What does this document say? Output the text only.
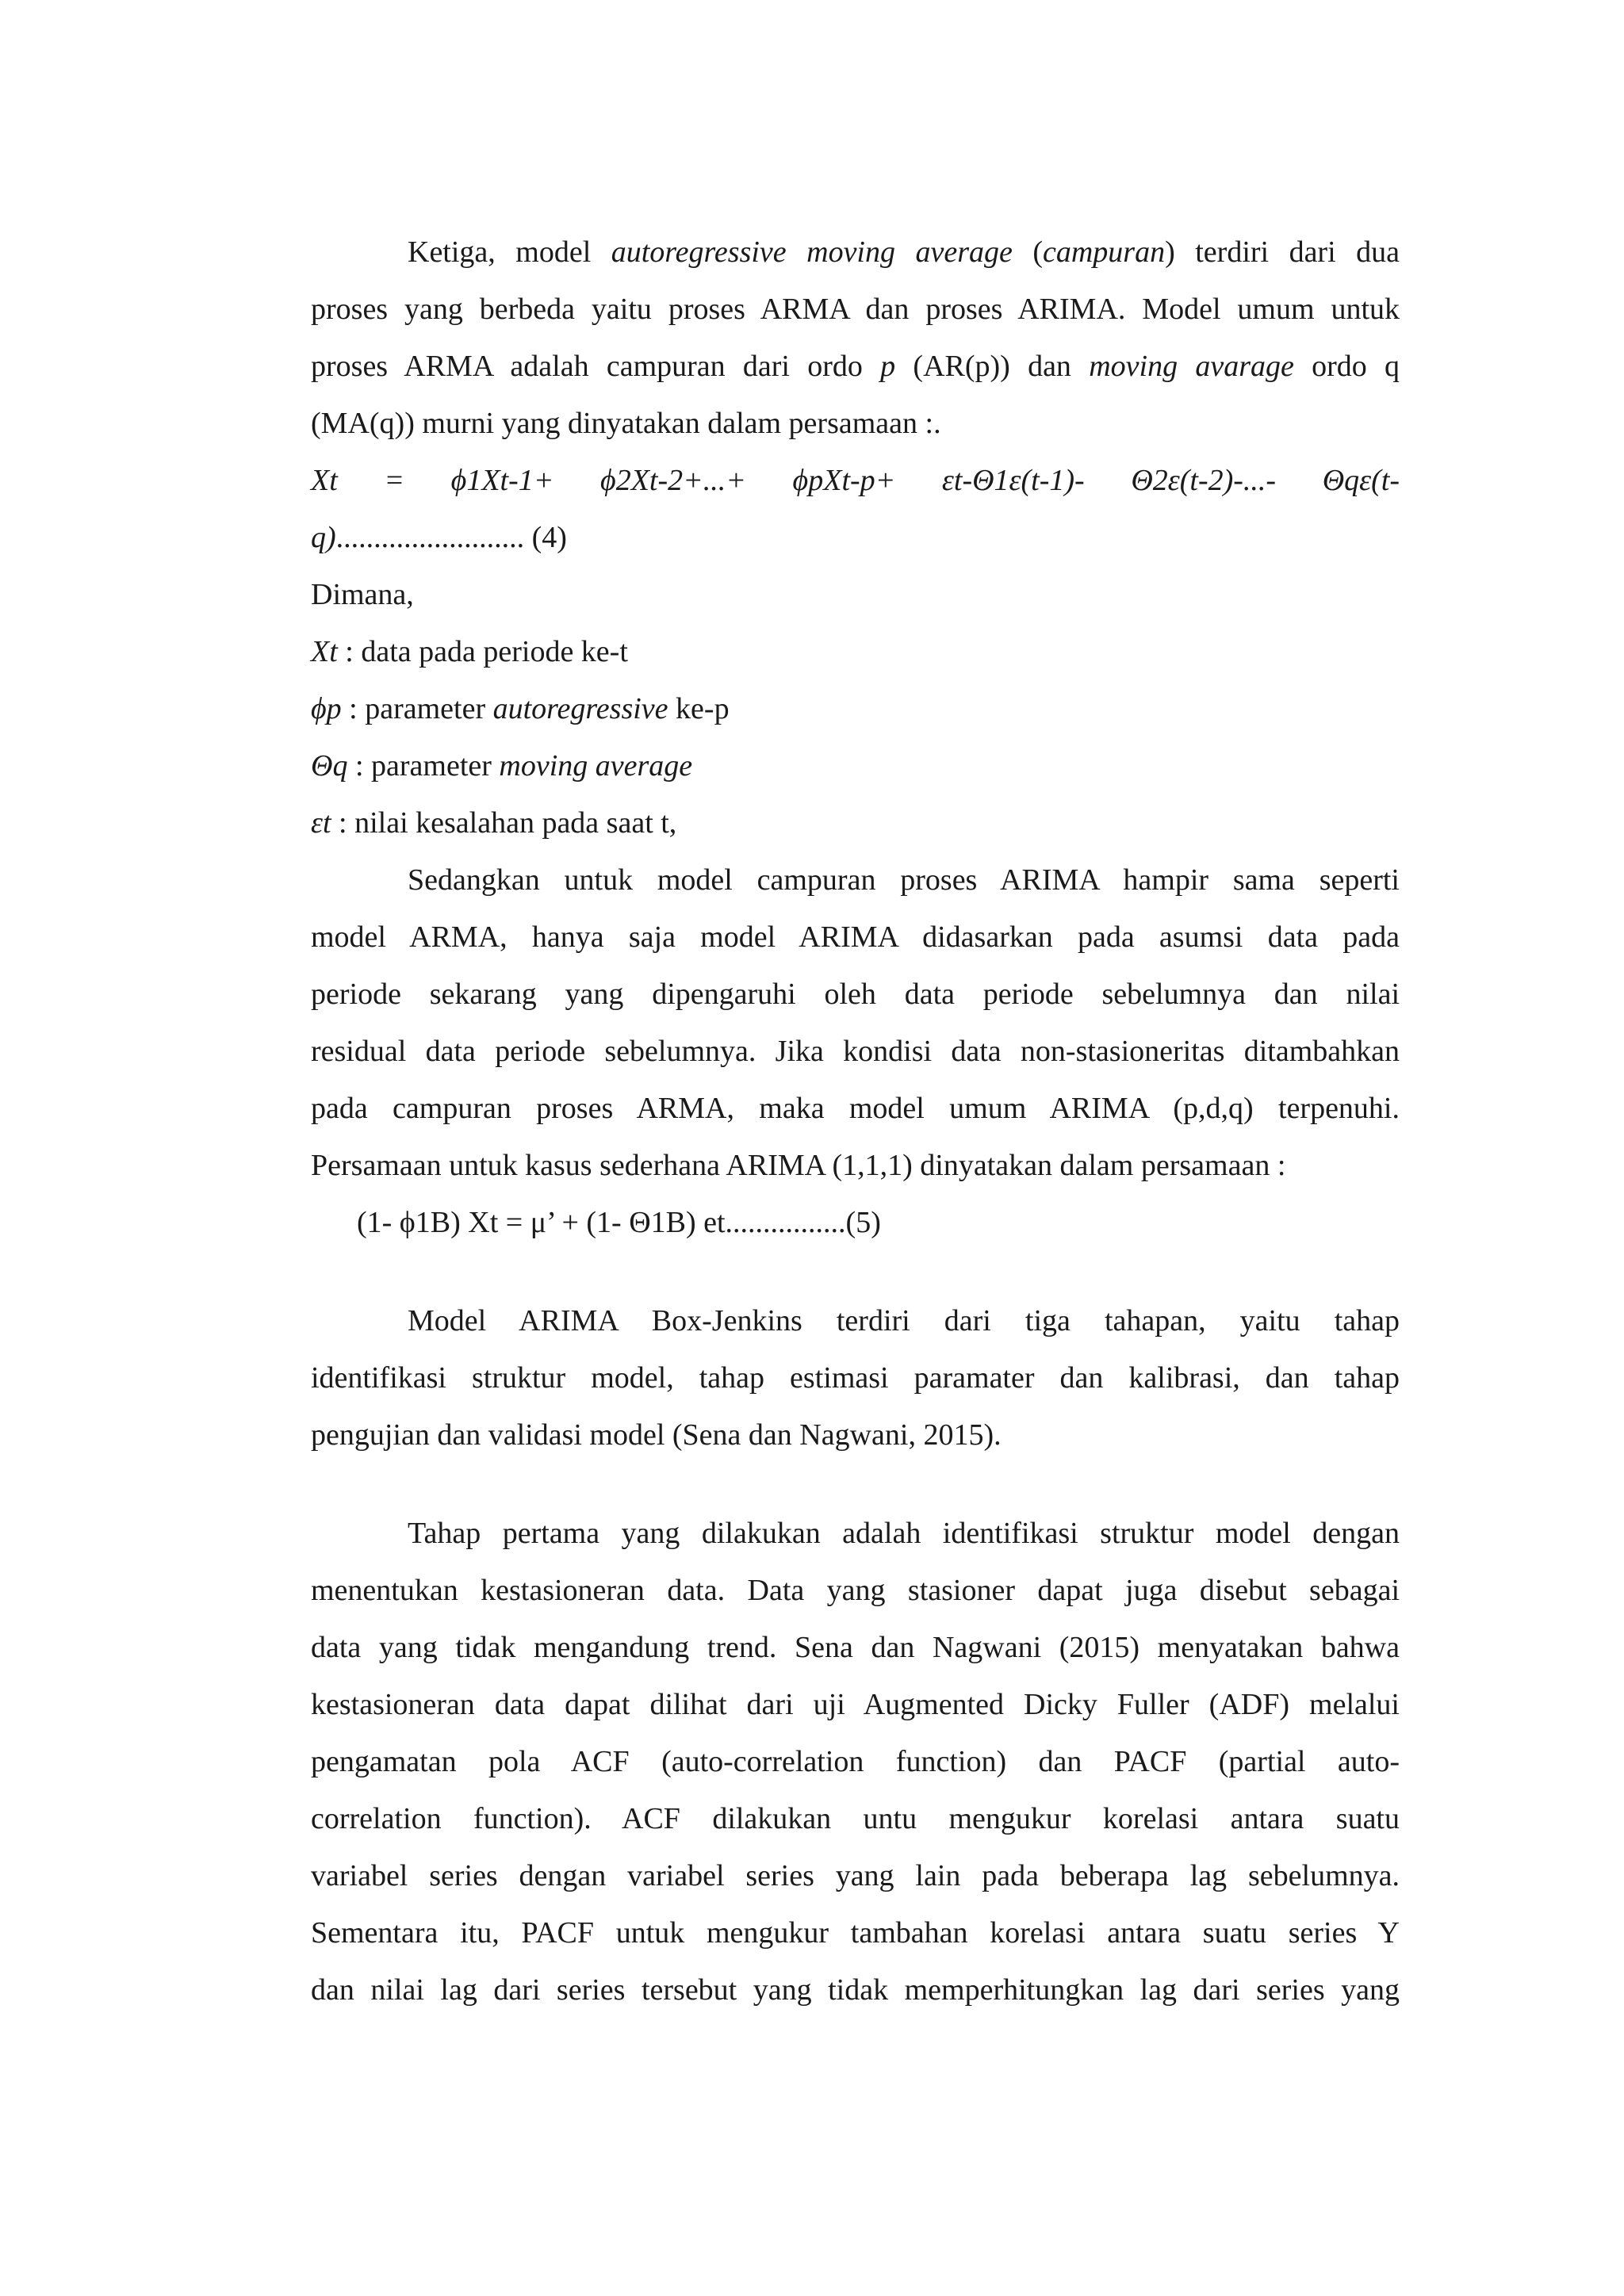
Ketiga, model autoregressive moving average (campuran) terdiri dari dua
proses yang berbeda yaitu proses ARMA dan proses ARIMA. Model umum untuk
proses ARMA adalah campuran dari ordo p (AR(p)) dan moving avarage ordo q
(MA(q)) murni yang dinyatakan dalam persamaan :.
Xt = ϕ1Xt-1+ ϕ2Xt-2+...+ ϕpXt-p+ εt-Θ1ε(t-1)- Θ2ε(t-2)-...- Θqε(t-
q)......................... (4)
Dimana,
Xt : data pada periode ke-t
ϕp : parameter autoregressive ke-p
Θq : parameter moving average
εt : nilai kesalahan pada saat t,
Sedangkan untuk model campuran proses ARIMA hampir sama seperti
model ARMA, hanya saja model ARIMA didasarkan pada asumsi data pada
periode sekarang yang dipengaruhi oleh data periode sebelumnya dan nilai
residual data periode sebelumnya. Jika kondisi data non-stasioneritas ditambahkan
pada campuran proses ARMA, maka model umum ARIMA (p,d,q) terpenuhi.
Persamaan untuk kasus sederhana ARIMA (1,1,1) dinyatakan dalam persamaan :
(1- ϕ1B) Xt = μ’ + (1- Θ1B) et................(5)
Model ARIMA Box-Jenkins terdiri dari tiga tahapan, yaitu tahap
identifikasi struktur model, tahap estimasi paramater dan kalibrasi, dan tahap
pengujian dan validasi model (Sena dan Nagwani, 2015).
Tahap pertama yang dilakukan adalah identifikasi struktur model dengan
menentukan kestasioneran data. Data yang stasioner dapat juga disebut sebagai
data yang tidak mengandung trend. Sena dan Nagwani (2015) menyatakan bahwa
kestasioneran data dapat dilihat dari uji Augmented Dicky Fuller (ADF) melalui
pengamatan pola ACF (auto-correlation function) dan PACF (partial auto-
correlation function). ACF dilakukan untu mengukur korelasi antara suatu
variabel series dengan variabel series yang lain pada beberapa lag sebelumnya.
Sementara itu, PACF untuk mengukur tambahan korelasi antara suatu series Y
dan nilai lag dari series tersebut yang tidak memperhitungkan lag dari series yang
